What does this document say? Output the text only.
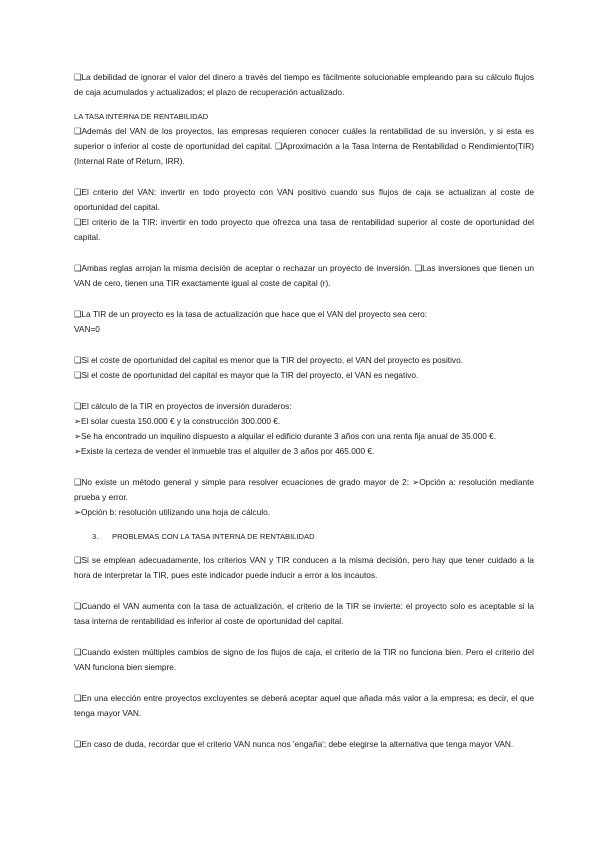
❑La debilidad de ignorar el valor del dinero a través del tiempo es fácilmente solucionable empleando para su cálculo flujos de caja acumulados y actualizados; el plazo de recuperación actualizado.

LA TASA INTERNA DE RENTABILIDAD

❑Además del VAN de los proyectos, las empresas requieren conocer cuáles la rentabilidad de su inversión, y si esta es superior o inferior al coste de oportunidad del capital. ❑Aproximación a la Tasa Interna de Rentabilidad o Rendimiento(TIR) (Internal Rate of Return, IRR).

❑El criterio del VAN: invertir en todo proyecto con VAN positivo cuando sus flujos de caja se actualizan al coste de oportunidad del capital.

❑El criterio de la TIR: invertir en todo proyecto que ofrezca una tasa de rentabilidad superior al coste de oportunidad del capital.

❑Ambas reglas arrojan la misma decisión de aceptar o rechazar un proyecto de inversión. ❑Las inversiones que tienen un VAN de cero, tienen una TIR exactamente igual al coste de capital (r).

❑La TIR de un proyecto es la tasa de actualización que hace que el VAN del proyecto sea cero:

VAN=0

❑Si el coste de oportunidad del capital es menor que la TIR del proyecto, el VAN del proyecto es positivo.

❑Si el coste de oportunidad del capital es mayor que la TIR del proyecto, el VAN es negativo.

❑El cálculo de la TIR en proyectos de inversión duraderos:

➢El solar cuesta 150.000 € y la construcción 300.000 €.

➢Se ha encontrado un inquilino dispuesto a alquilar el edificio durante 3 años con una renta fija anual de 35.000 €.

➢Existe la certeza de vender el inmueble tras el alquiler de 3 años por 465.000 €.

❑No existe un método general y simple para resolver ecuaciones de grado mayor de 2: ➢Opción a: resolución mediante prueba y error.

➢Opción b: resolución utilizando una hoja de cálculo.

3. PROBLEMAS CON LA TASA INTERNA DE RENTABILIDAD

❑Si se emplean adecuadamente, los criterios VAN y TIR conducen a la misma decisión, pero hay que tener cuidado a la hora de interpretar la TIR, pues este indicador puede inducir a error a los incautos.

❑Cuando el VAN aumenta con la tasa de actualización, el criterio de la TIR se invierte: el proyecto solo es aceptable si la tasa interna de rentabilidad es inferior al coste de oportunidad del capital.

❑Cuando existen múltiples cambios de signo de los flujos de caja, el criterio de la TIR no funciona bien. Pero el criterio del VAN funciona bien siempre.

❑En una elección entre proyectos excluyentes se deberá aceptar aquel que añada más valor a la empresa; es decir, el que tenga mayor VAN.

❑En caso de duda, recordar que el criterio VAN nunca nos 'engaña'; debe elegirse la alternativa que tenga mayor VAN.
